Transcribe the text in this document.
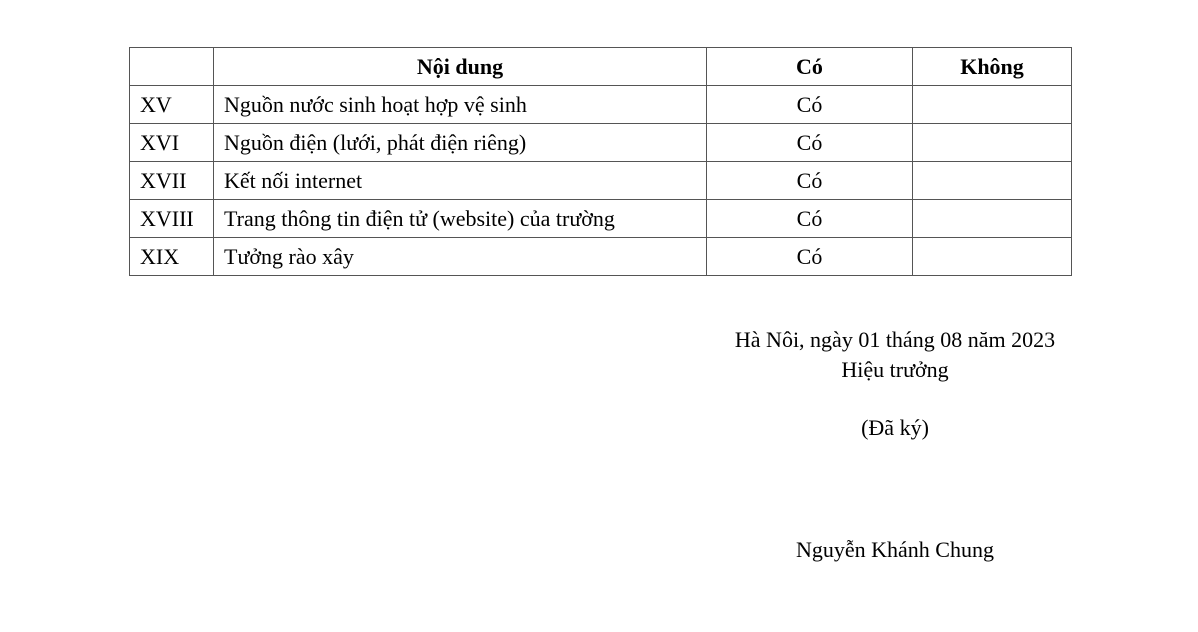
	Nội dung	Có	Không
XV	Nguồn nước sinh hoạt hợp vệ sinh	Có	
XVI	Nguồn điện (lưới, phát điện riêng)	Có	
XVII	Kết nối internet	Có	
XVIII	Trang thông tin điện tử (website) của trường	Có	
XIX	Tưởng rào xây	Có	
Hà Nôi, ngày 01 tháng 08 năm 2023
Hiệu trưởng
(Đã ký)
Nguyễn Khánh Chung
